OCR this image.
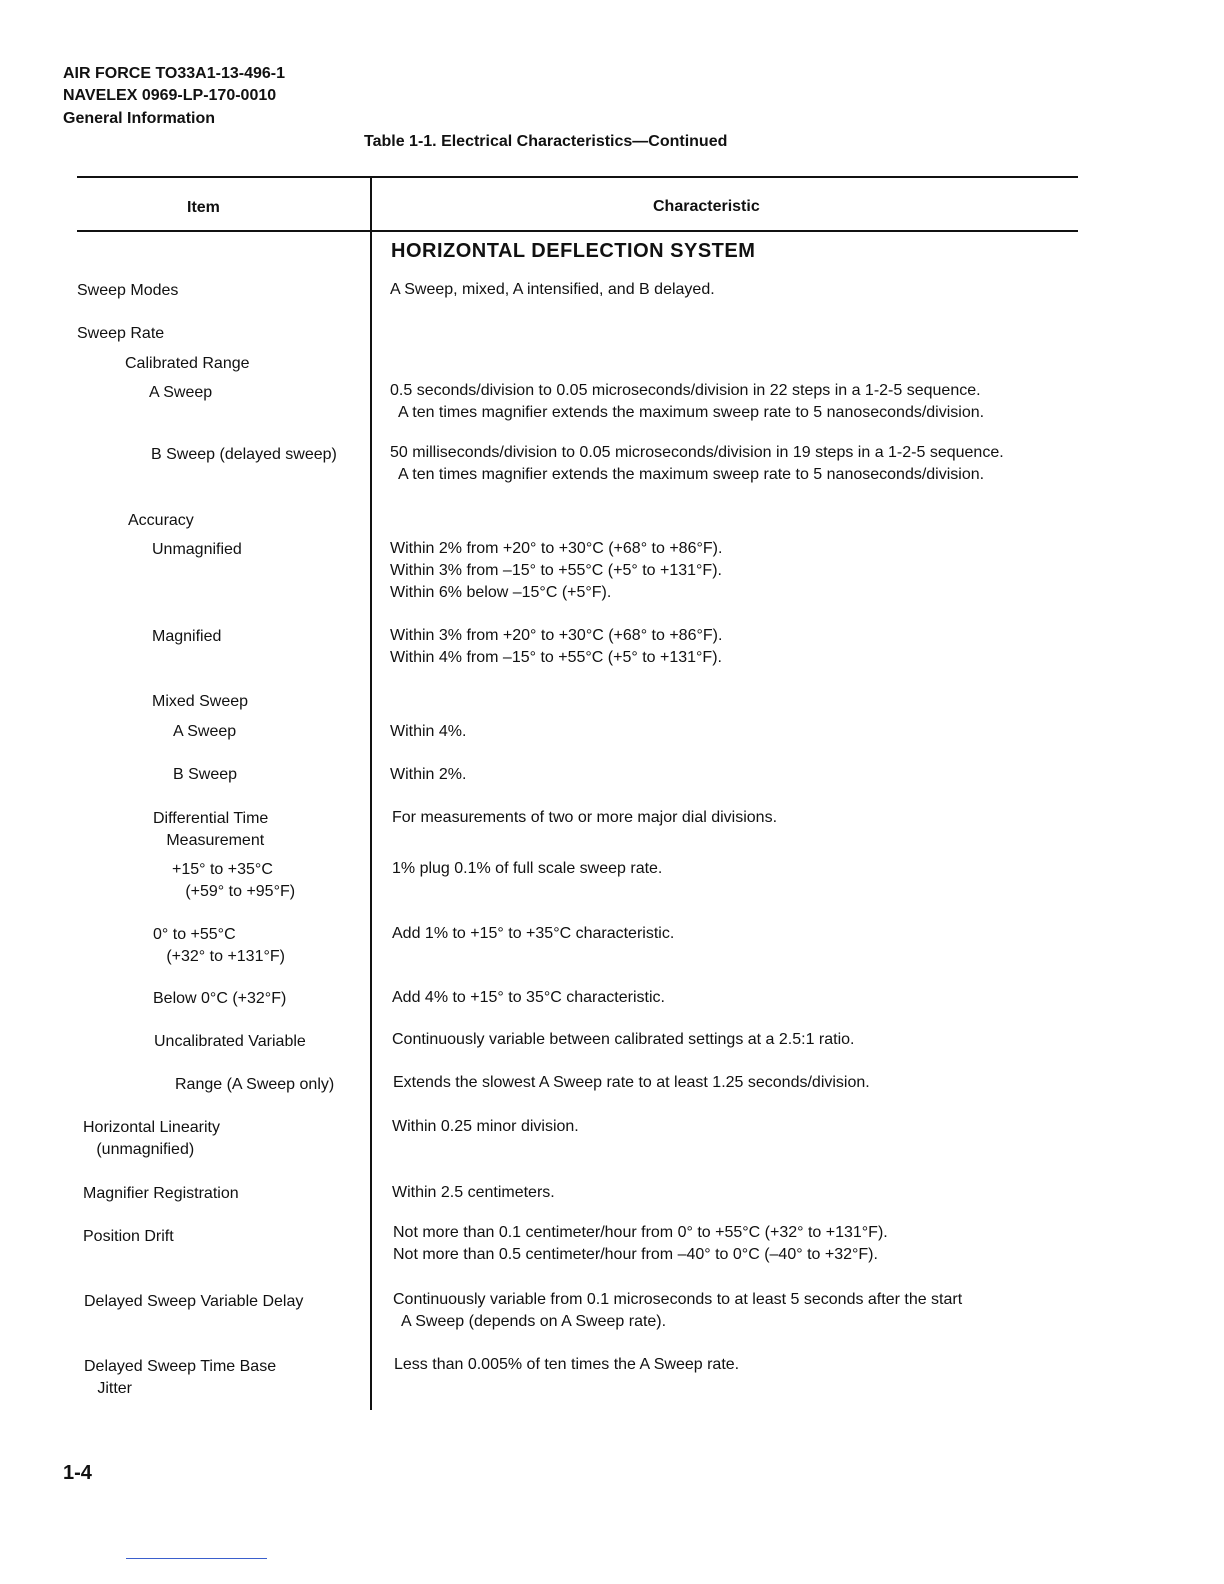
AIR FORCE TO33A1-13-496-1
NAVELEX 0969-LP-170-0010
General Information
Table 1-1. Electrical Characteristics—Continued
Item	Characteristic
HORIZONTAL DEFLECTION SYSTEM
Sweep Modes
Sweep Rate
Calibrated Range
A Sweep
B Sweep (delayed sweep)
Accuracy
Unmagnified
Magnified
Mixed Sweep
A Sweep
B Sweep
Differential Time
Measurement
+15° to +35°C
(+59° to +95°F)
0° to +55°C
(+32° to +131°F)
Below 0°C (+32°F)
Uncalibrated Variable
Range (A Sweep only)
Horizontal Linearity
(unmagnified)
Magnifier Registration
Position Drift
Delayed Sweep Variable Delay
Delayed Sweep Time Base
Jitter
A Sweep, mixed, A intensified, and B delayed.
0.5 seconds/division to 0.05 microseconds/division in 22 steps in a 1-2-5 sequence.
A ten times magnifier extends the maximum sweep rate to 5 nanoseconds/division.
50 milliseconds/division to 0.05 microseconds/division in 19 steps in a 1-2-5 sequence.
A ten times magnifier extends the maximum sweep rate to 5 nanoseconds/division.
Within 2% from +20° to +30°C (+68° to +86°F).
Within 3% from –15° to +55°C (+5° to +131°F).
Within 6% below –15°C (+5°F).
Within 3% from +20° to +30°C (+68° to +86°F).
Within 4% from –15° to +55°C (+5° to +131°F).
Within 4%.
Within 2%.
For measurements of two or more major dial divisions.
1% plug 0.1% of full scale sweep rate.
Add 1% to +15° to +35°C characteristic.
Add 4% to +15° to 35°C characteristic.
Continuously variable between calibrated settings at a 2.5:1 ratio.
Extends the slowest A Sweep rate to at least 1.25 seconds/division.
Within 0.25 minor division.
Within 2.5 centimeters.
Not more than 0.1 centimeter/hour from 0° to +55°C (+32° to +131°F).
Not more than 0.5 centimeter/hour from –40° to 0°C (–40° to +32°F).
Continuously variable from 0.1 microseconds to at least 5 seconds after the start
A Sweep (depends on A Sweep rate).
Less than 0.005% of ten times the A Sweep rate.
1-4
